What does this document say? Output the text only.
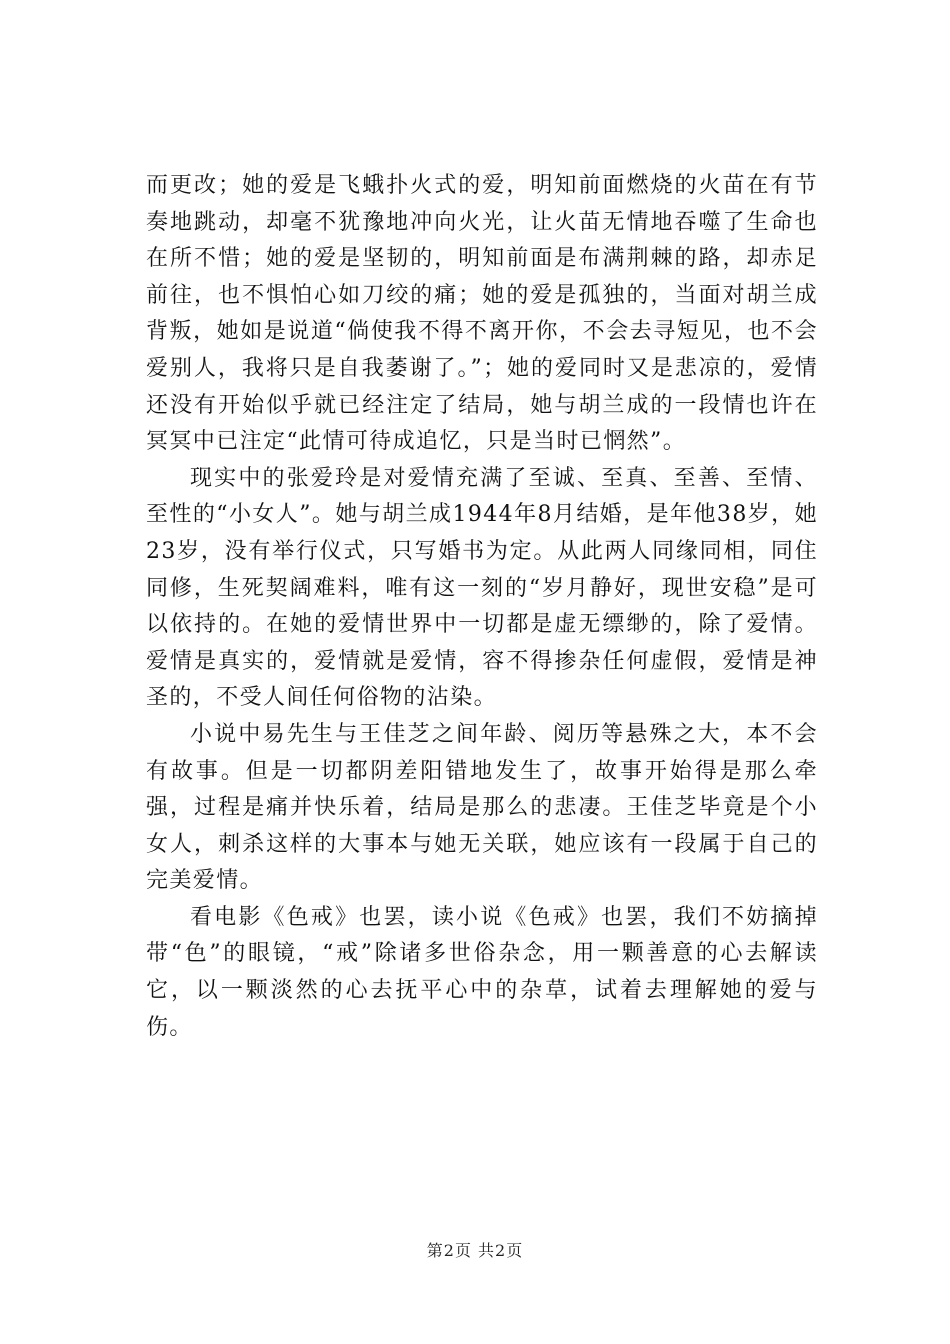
而更改；她的爱是飞蛾扑火式的爱，明知前面燃烧的火苗在有节奏地跳动，却毫不犹豫地冲向火光，让火苗无情地吞噬了生命也在所不惜；她的爱是坚韧的，明知前面是布满荆棘的路，却赤足前往，也不惧怕心如刀绞的痛；她的爱是孤独的，当面对胡兰成背叛，她如是说道“倘使我不得不离开你，不会去寻短见，也不会爱别人，我将只是自我萎谢了。”；她的爱同时又是悲凉的，爱情还没有开始似乎就已经注定了结局，她与胡兰成的一段情也许在冥冥中已注定“此情可待成追忆，只是当时已惘然”。

现实中的张爱玲是对爱情充满了至诚、至真、至善、至情、至性的“小女人”。她与胡兰成1944年8月结婚，是年他38岁，她23岁，没有举行仪式，只写婚书为定。从此两人同缘同相，同住同修，生死契阔难料，唯有这一刻的“岁月静好，现世安稳”是可以依持的。在她的爱情世界中一切都是虚无缥缈的，除了爱情。爱情是真实的，爱情就是爱情，容不得掺杂任何虚假，爱情是神圣的，不受人间任何俗物的沾染。

小说中易先生与王佳芝之间年龄、阅历等悬殊之大，本不会有故事。但是一切都阴差阳错地发生了，故事开始得是那么牵强，过程是痛并快乐着，结局是那么的悲凄。王佳芝毕竟是个小女人，刺杀这样的大事本与她无关联，她应该有一段属于自己的完美爱情。

看电影《色戒》也罢，读小说《色戒》也罢，我们不妨摘掉带“色”的眼镜，“戒”除诸多世俗杂念，用一颗善意的心去解读它，以一颗淡然的心去抚平心中的杂草，试着去理解她的爱与伤。

第2页 共2页
